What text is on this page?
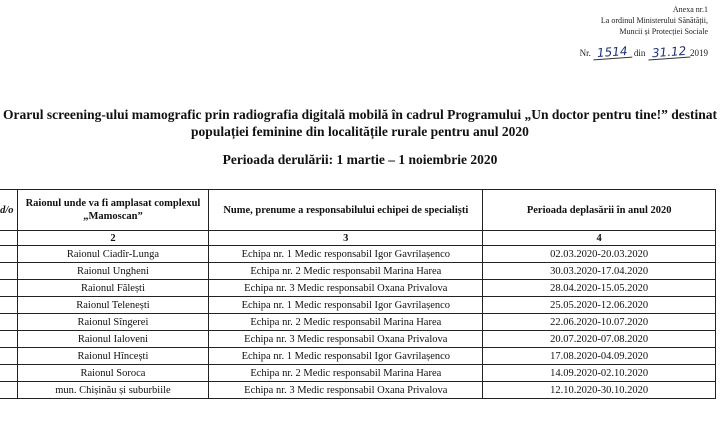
Anexa nr.1
La ordinul Ministerului Sănătății,
Muncii și Protecției Sociale
Nr. 1514 din 31.12 2019
Orarul screening-ului mamografic prin radiografia digitală mobilă în cadrul Programului „Un doctor pentru tine!” destinat populației feminine din localitățile rurale pentru anul 2020
Perioada derulării: 1 martie – 1 noiembrie 2020
d/o	Raionul unde va fi amplasat complexul „Mamoscan”	Nume, prenume a responsabilului echipei de specialiști	Perioada deplasării în anul 2020
	2	3	4
	Raionul Ciadîr-Lunga	Echipa nr. 1 Medic responsabil Igor Gavrilașenco	02.03.2020-20.03.2020
	Raionul Ungheni	Echipa nr. 2 Medic responsabil Marina Harea	30.03.2020-17.04.2020
	Raionul Fălești	Echipa nr. 3 Medic responsabil Oxana Privalova	28.04.2020-15.05.2020
	Raionul Telenești	Echipa nr. 1 Medic responsabil Igor Gavrilașenco	25.05.2020-12.06.2020
	Raionul Sîngerei	Echipa nr. 2 Medic responsabil Marina Harea	22.06.2020-10.07.2020
	Raionul Ialoveni	Echipa nr. 3 Medic responsabil Oxana Privalova	20.07.2020-07.08.2020
	Raionul Hîncești	Echipa nr. 1 Medic responsabil Igor Gavrilașenco	17.08.2020-04.09.2020
	Raionul Soroca	Echipa nr. 2 Medic responsabil Marina Harea	14.09.2020-02.10.2020
	mun. Chișinău și suburbiile	Echipa nr. 3 Medic responsabil Oxana Privalova	12.10.2020-30.10.2020
